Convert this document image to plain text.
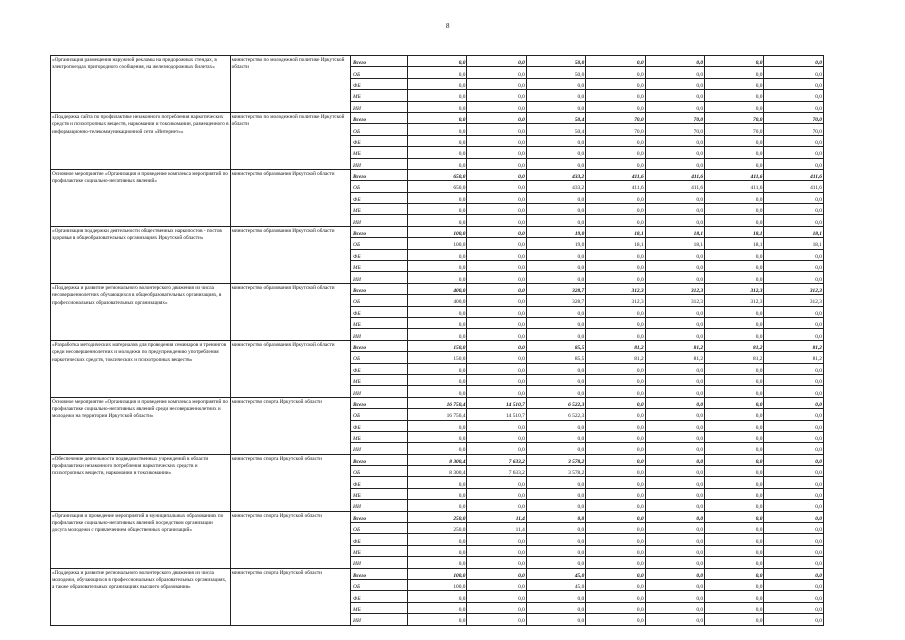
8
«Организация размещения наружной рекламы на придорожных стендах, в электропоездах пригородного сообщения, на железнодорожных билетах»	министерство по молодежной политике Иркутской области	Всего	0,0	0,0	50,0	0,0	0,0	0,0	0,0
		ОБ	0,0	0,0	50,0	0,0	0,0	0,0	0,0
		ФБ	0,0	0,0	0,0	0,0	0,0	0,0	0,0
		МБ	0,0	0,0	0,0	0,0	0,0	0,0	0,0
		ИИ	0,0	0,0	0,0	0,0	0,0	0,0	0,0
«Поддержка сайта по профилактике незаконного потребления наркотических средств и психотропных веществ, наркомании и токсикомании, размещенного в информационно-телекоммуникационной сети «Интернет»»	министерство по молодежной политике Иркутской области	Всего	0,0	0,0	50,4	70,0	70,0	70,0	70,0
		ОБ	0,0	0,0	50,4	70,0	70,0	70,0	70,0
		ФБ	0,0	0,0	0,0	0,0	0,0	0,0	0,0
		МБ	0,0	0,0	0,0	0,0	0,0	0,0	0,0
		ИИ	0,0	0,0	0,0	0,0	0,0	0,0	0,0
Основное мероприятие «Организация и проведение комплекса мероприятий по профилактике социально-негативных явлений»	министерство образования Иркутской области	Всего	650,0	0,0	433,2	411,6	411,6	411,6	411,6
		ОБ	650,0	0,0	433,2	411,6	411,6	411,6	411,6
		ФБ	0,0	0,0	0,0	0,0	0,0	0,0	0,0
		МБ	0,0	0,0	0,0	0,0	0,0	0,0	0,0
		ИИ	0,0	0,0	0,0	0,0	0,0	0,0	0,0
«Организация поддержки деятельности общественных наркопостов - постов здоровья в общеобразовательных организациях Иркутской области»	министерство образования Иркутской области	Всего	100,0	0,0	19,0	18,1	18,1	18,1	18,1
		ОБ	100,0	0,0	19,0	18,1	18,1	18,1	18,1
		ФБ	0,0	0,0	0,0	0,0	0,0	0,0	0,0
		МБ	0,0	0,0	0,0	0,0	0,0	0,0	0,0
		ИИ	0,0	0,0	0,0	0,0	0,0	0,0	0,0
«Поддержка и развитие регионального волонтерского движения из числа несовершеннолетних обучающихся в общеобразовательных организациях, в профессиональных образовательных организациях»	министерство образования Иркутской области	Всего	400,0	0,0	328,7	312,3	312,3	312,3	312,3
		ОБ	400,0	0,0	328,7	312,3	312,3	312,3	312,3
		ФБ	0,0	0,0	0,0	0,0	0,0	0,0	0,0
		МБ	0,0	0,0	0,0	0,0	0,0	0,0	0,0
		ИИ	0,0	0,0	0,0	0,0	0,0	0,0	0,0
«Разработка методических материалов для проведения семинаров и тренингов среди несовершеннолетних и молодежи по предупреждению употребления наркотических средств, токсических и психотропных веществ»	министерство образования Иркутской области	Всего	150,0	0,0	85,5	81,2	81,2	81,2	81,2
		ОБ	150,0	0,0	85,5	81,2	81,2	81,2	81,2
		ФБ	0,0	0,0	0,0	0,0	0,0	0,0	0,0
		МБ	0,0	0,0	0,0	0,0	0,0	0,0	0,0
		ИИ	0,0	0,0	0,0	0,0	0,0	0,0	0,0
Основное мероприятие «Организация и проведение комплекса мероприятий по профилактике социально-негативных явлений среди несовершеннолетних и молодежи на территории Иркутской области»	министерство спорта Иркутской области	Всего	16 750,4	14 510,7	6 522,3	0,0	0,0	0,0	0,0
		ОБ	16 750,4	14 510,7	6 522,3	0,0	0,0	0,0	0,0
		ФБ	0,0	0,0	0,0	0,0	0,0	0,0	0,0
		МБ	0,0	0,0	0,0	0,0	0,0	0,0	0,0
		ИИ	0,0	0,0	0,0	0,0	0,0	0,0	0,0
«Обеспечение деятельности подведомственных учреждений в области профилактики незаконного потребления наркотических средств и психотропных веществ, наркомании и токсикомании»	министерство спорта Иркутской области	Всего	8 300,4	7 633,2	3 578,2	0,0	0,0	0,0	0,0
		ОБ	8 300,4	7 633,2	3 578,2	0,0	0,0	0,0	0,0
		ФБ	0,0	0,0	0,0	0,0	0,0	0,0	0,0
		МБ	0,0	0,0	0,0	0,0	0,0	0,0	0,0
		ИИ	0,0	0,0	0,0	0,0	0,0	0,0	0,0
«Организация и проведение мероприятий в муниципальных образованиях по профилактике социально-негативных явлений посредством организации досуга молодежи с привлечением общественных организаций»	министерство спорта Иркутской области	Всего	250,0	11,4	0,0	0,0	0,0	0,0	0,0
		ОБ	250,0	11,4	0,0	0,0	0,0	0,0	0,0
		ФБ	0,0	0,0	0,0	0,0	0,0	0,0	0,0
		МБ	0,0	0,0	0,0	0,0	0,0	0,0	0,0
		ИИ	0,0	0,0	0,0	0,0	0,0	0,0	0,0
«Поддержка и развитие регионального волонтерского движения из числа молодежи, обучающихся в профессиональных образовательных организациях, а также образовательных организациях высшего образования»	министерство спорта Иркутской области	Всего	100,0	0,0	45,0	0,0	0,0	0,0	0,0
		ОБ	100,0	0,0	45,0	0,0	0,0	0,0	0,0
		ФБ	0,0	0,0	0,0	0,0	0,0	0,0	0,0
		МБ	0,0	0,0	0,0	0,0	0,0	0,0	0,0
		ИИ	0,0	0,0	0,0	0,0	0,0	0,0	0,0
